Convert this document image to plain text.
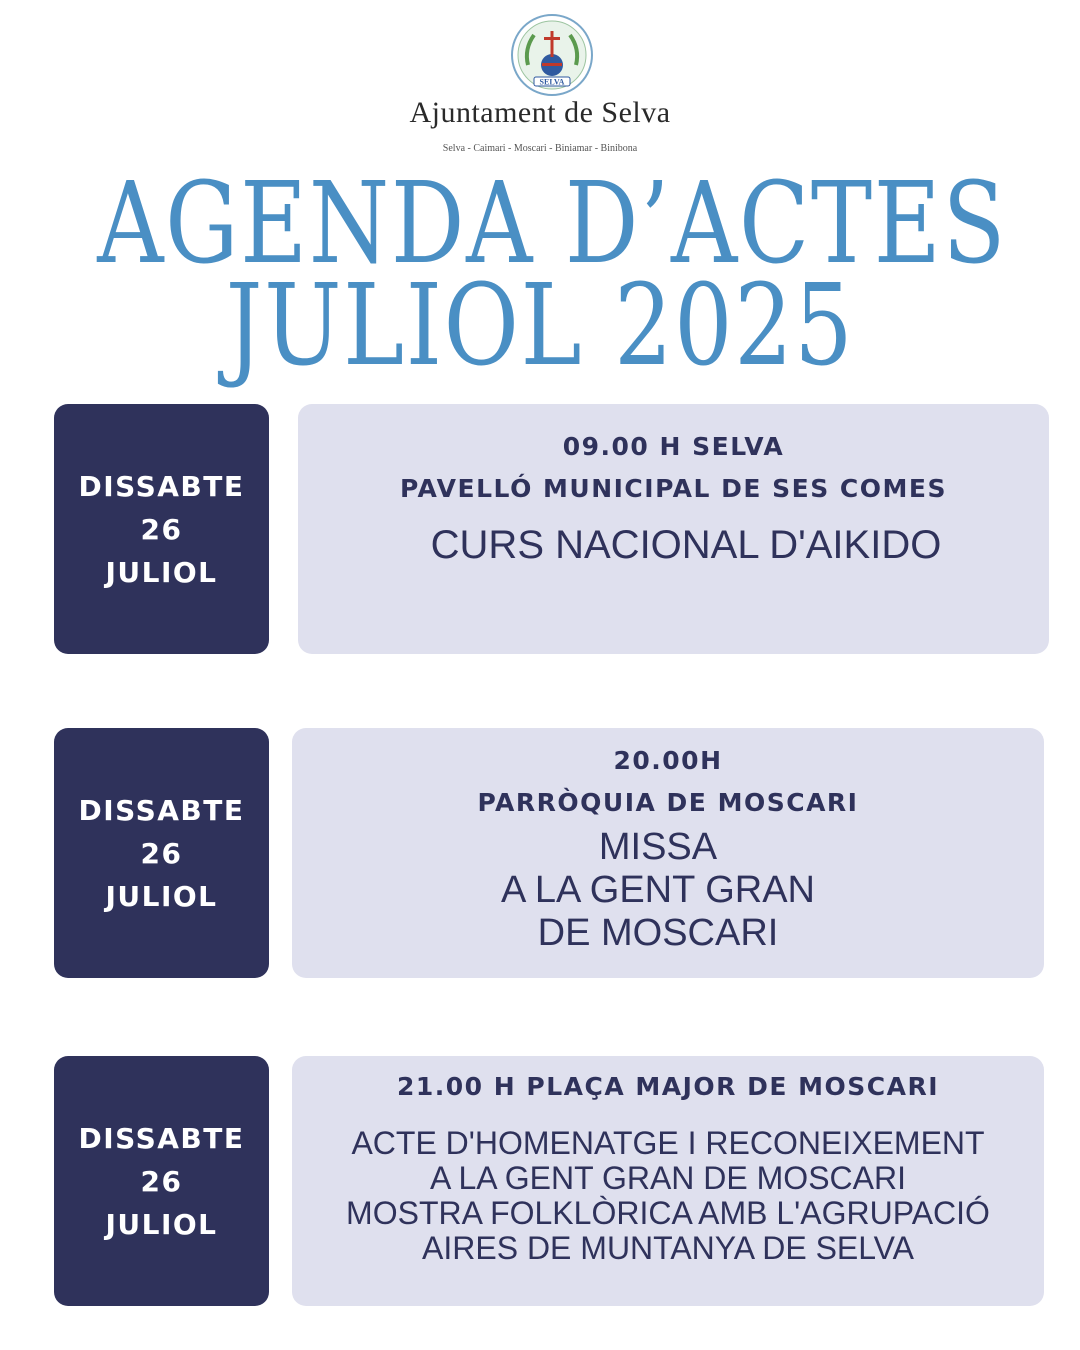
SELVA
Ajuntament de Selva
Selva - Caimari - Moscari - Biniamar - Binibona
AGENDA D’ACTES
JULIOL 2025
DISSABTE
26
JULIOL
09.00 H SELVA
PAVELLÓ MUNICIPAL DE SES COMES
CURS NACIONAL D'AIKIDO
DISSABTE
26
JULIOL
20.00H
PARRÒQUIA DE MOSCARI
MISSA
A LA GENT GRAN
DE MOSCARI
DISSABTE
26
JULIOL
21.00 H PLAÇA MAJOR DE MOSCARI
ACTE D'HOMENATGE I RECONEIXEMENT
A LA GENT GRAN DE MOSCARI
MOSTRA FOLKLÒRICA AMB L'AGRUPACIÓ
AIRES DE MUNTANYA DE SELVA
